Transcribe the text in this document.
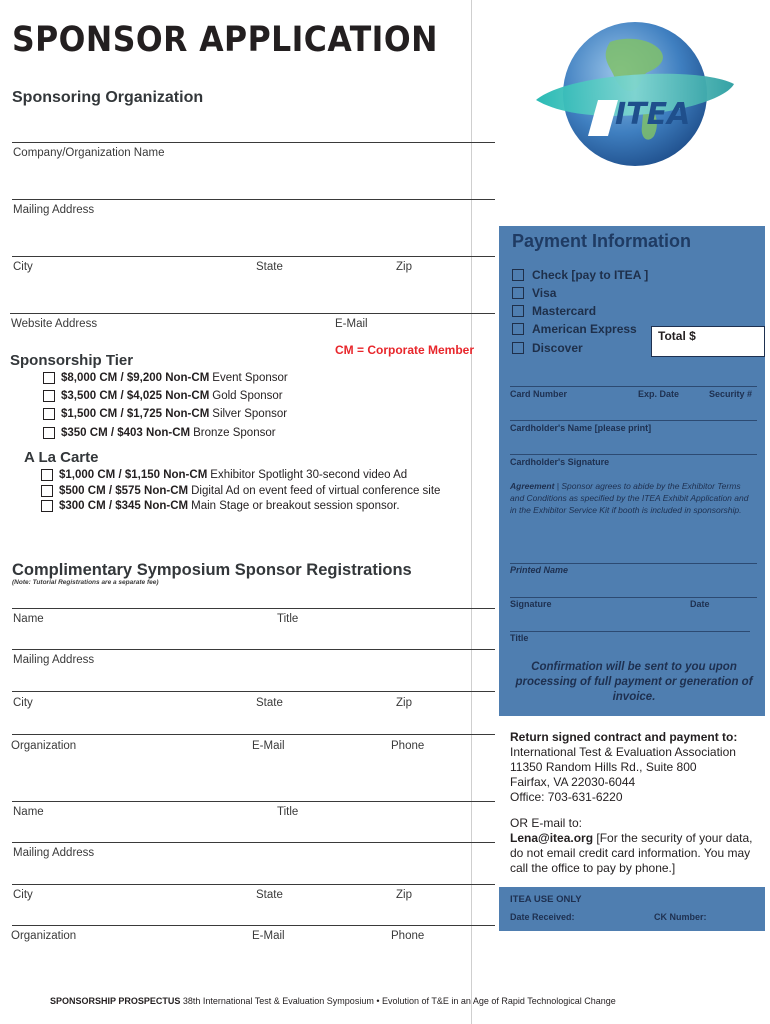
SPONSOR APPLICATION
ITEA
Sponsoring Organization
Company/Organization Name
Mailing Address
City	State	Zip
Website Address	E-Mail
CM = Corporate Member
Sponsorship Tier
$8,000 CM / $9,200 Non-CM Event Sponsor
$3,500 CM / $4,025 Non-CM Gold Sponsor
$1,500 CM / $1,725 Non-CM Silver Sponsor
$350 CM / $403 Non-CM Bronze Sponsor
A La Carte
$1,000 CM / $1,150 Non-CM Exhibitor Spotlight 30-second video Ad
$500 CM / $575 Non-CM Digital Ad on event feed of virtual conference site
$300 CM / $345 Non-CM Main Stage or breakout session sponsor.
Complimentary Symposium Sponsor Registrations
(Note: Tutorial Registrations are a separate fee)
Name	Title
Mailing Address
City	State	Zip
Organization	E-Mail	Phone
Name	Title
Mailing Address
City	State	Zip
Organization	E-Mail	Phone
Payment Information
Check [pay to ITEA ]
Visa
Mastercard
American Express
Discover
Total $
Card Number	Exp. Date	Security #
Cardholder's Name [please print]
Cardholder's Signature
Agreement | Sponsor agrees to abide by the Exhibitor Terms and Conditions as specified by the ITEA Exhibit Application and in the Exhibitor Service Kit if booth is included in sponsorship.
Printed Name
Signature	Date
Title
Confirmation will be sent to you upon processing of full payment or generation of invoice.
Return signed contract and payment to:
International Test & Evaluation Association
11350 Random Hills Rd., Suite 800
Fairfax, VA 22030-6044
Office: 703-631-6220
OR E-mail to:
Lena@itea.org [For the security of your data, do not email credit card information. You may call the office to pay by phone.]
ITEA USE ONLY
Date Received:	CK Number:
SPONSORSHIP PROSPECTUS 38th International Test & Evaluation Symposium • Evolution of T&E in an Age of Rapid Technological Change
